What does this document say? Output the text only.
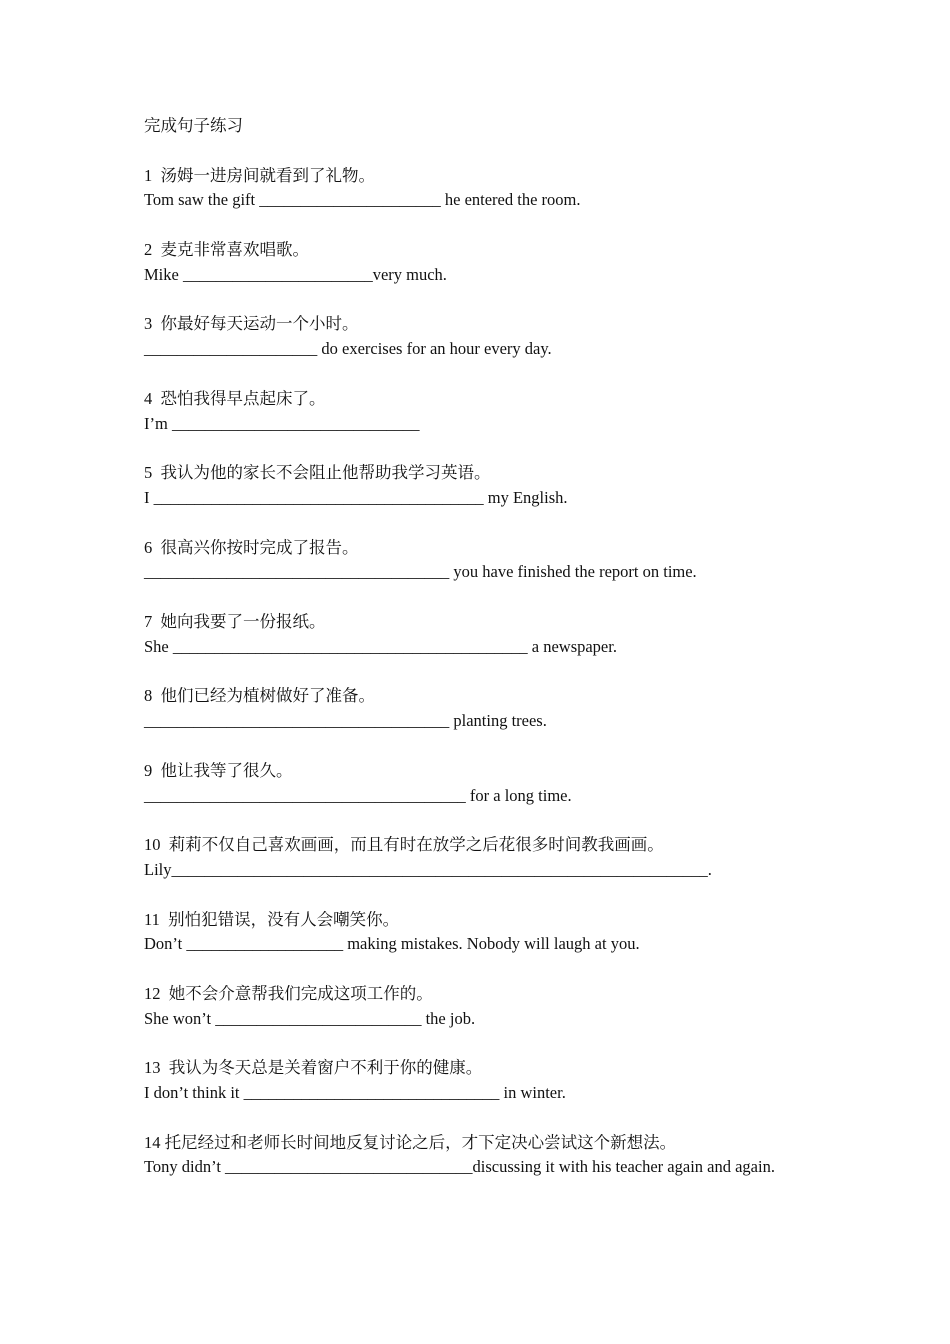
完成句子练习
1  汤姆一进房间就看到了礼物。
Tom saw the gift ______________________ he entered the room.
2  麦克非常喜欢唱歌。
Mike _______________________very much.
3  你最好每天运动一个小时。
_____________________ do exercises for an hour every day.
4  恐怕我得早点起床了。
I’m ______________________________
5  我认为他的家长不会阻止他帮助我学习英语。
I ________________________________________ my English.
6  很高兴你按时完成了报告。
_____________________________________ you have finished the report on time.
7  她向我要了一份报纸。
She ___________________________________________ a newspaper.
8  他们已经为植树做好了准备。
_____________________________________ planting trees.
9  他让我等了很久。
_______________________________________ for a long time.
10  莉莉不仅自己喜欢画画，而且有时在放学之后花很多时间教我画画。
Lily_________________________________________________________________.
11  别怕犯错误，没有人会嘲笑你。
Don’t ___________________ making mistakes. Nobody will laugh at you.
12  她不会介意帮我们完成这项工作的。
She won’t _________________________ the job.
13  我认为冬天总是关着窗户不利于你的健康。
I don’t think it _______________________________ in winter.
14 托尼经过和老师长时间地反复讨论之后，才下定决心尝试这个新想法。
Tony didn’t ______________________________discussing it with his teacher again and again.
